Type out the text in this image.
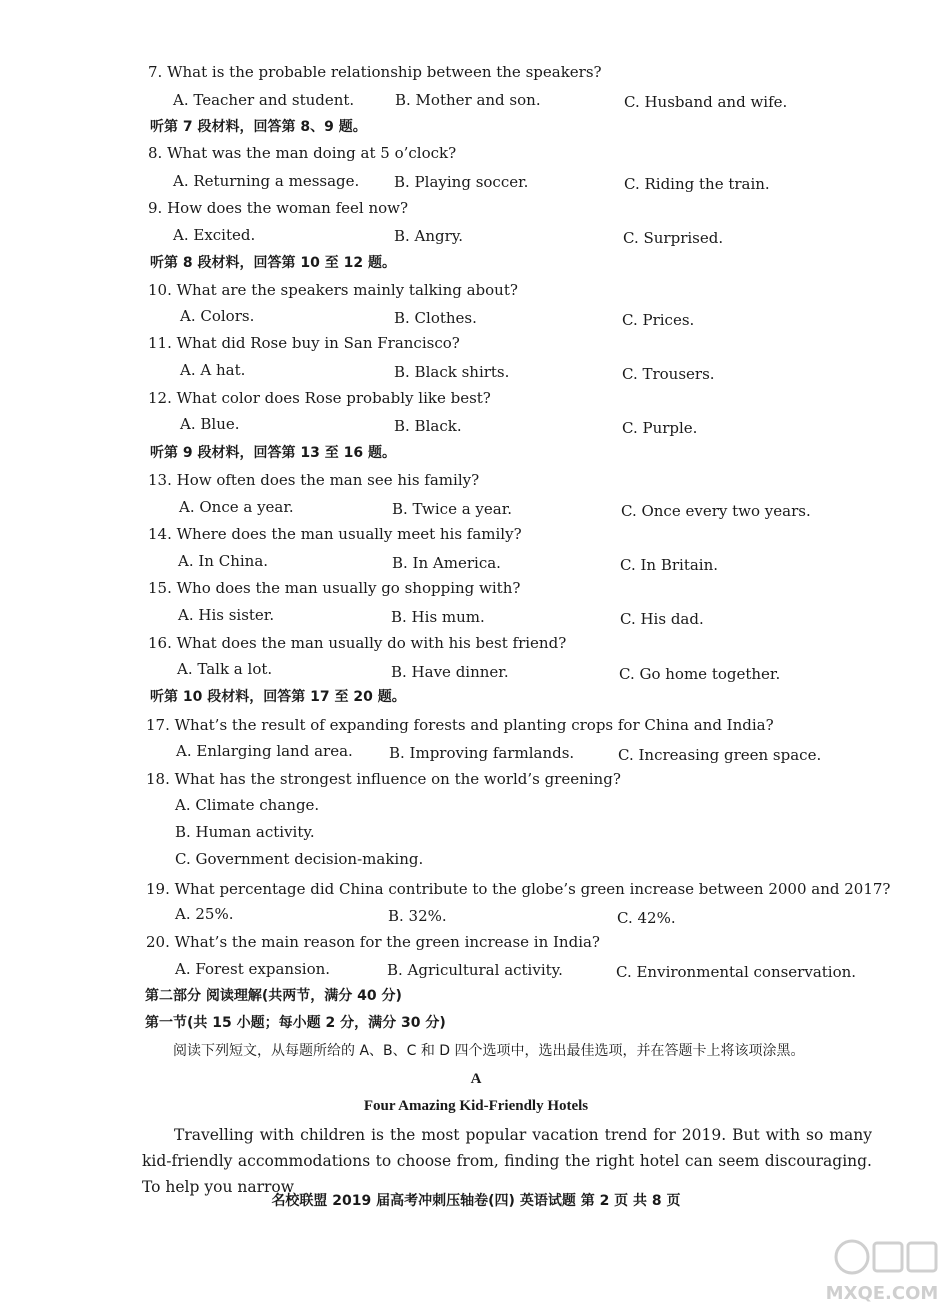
7. What is the probable relationship between the speakers?
A. Teacher and student.	B. Mother and son.	C. Husband and wife.
听第 7 段材料，回答第 8、9 题。
8. What was the man doing at 5 o’clock?
A. Returning a message. B. Playing soccer.	C. Riding the train.
9. How does the woman feel now?
A. Excited.	B. Angry.	C. Surprised.
听第 8 段材料，回答第 10 至 12 题。
10. What are the speakers mainly talking about?
A. Colors.	B. Clothes.	C. Prices.
11. What did Rose buy in San Francisco?
A. A hat.	B. Black shirts.	C. Trousers.
12. What color does Rose probably like best?
A. Blue.	B. Black.	C. Purple.
听第 9 段材料，回答第 13 至 16 题。
13. How often does the man see his family?
A. Once a year.	B. Twice a year.	C. Once every two years.
14. Where does the man usually meet his family?
A. In China.	B. In America.	C. In Britain.
15. Who does the man usually go shopping with?
A. His sister.	B. His mum.	C. His dad.
16. What does the man usually do with his best friend?
A. Talk a lot.	B. Have dinner.	C. Go home together.
听第 10 段材料，回答第 17 至 20 题。
17. What’s the result of expanding forests and planting crops for China and India?
A. Enlarging land area. B. Improving farmlands.	C. Increasing green space.
18. What has the strongest influence on the world’s greening?
A. Climate change.
B. Human activity.
C. Government decision-making.
19. What percentage did China contribute to the globe’s green increase between 2000 and 2017?
A. 25%.	B. 32%.	C. 42%.
20. What’s the main reason for the green increase in India?
A. Forest expansion.	B. Agricultural activity.	C. Environmental conservation.
第二部分 阅读理解(共两节，满分 40 分)
第一节(共 15 小题；每小题 2 分，满分 30 分)
阅读下列短文，从每题所给的 A、B、C 和 D 四个选项中，选出最佳选项，并在答题卡上将该项涂黑。
A
Four Amazing Kid-Friendly Hotels
Travelling with children is the most popular vacation trend for 2019. But with so many kid-friendly accommodations to choose from, finding the right hotel can seem discouraging. To help you narrow
名校联盟 2019 届高考冲刺压轴卷(四) 英语试题 第 2 页 共 8 页
MXQE.COM
